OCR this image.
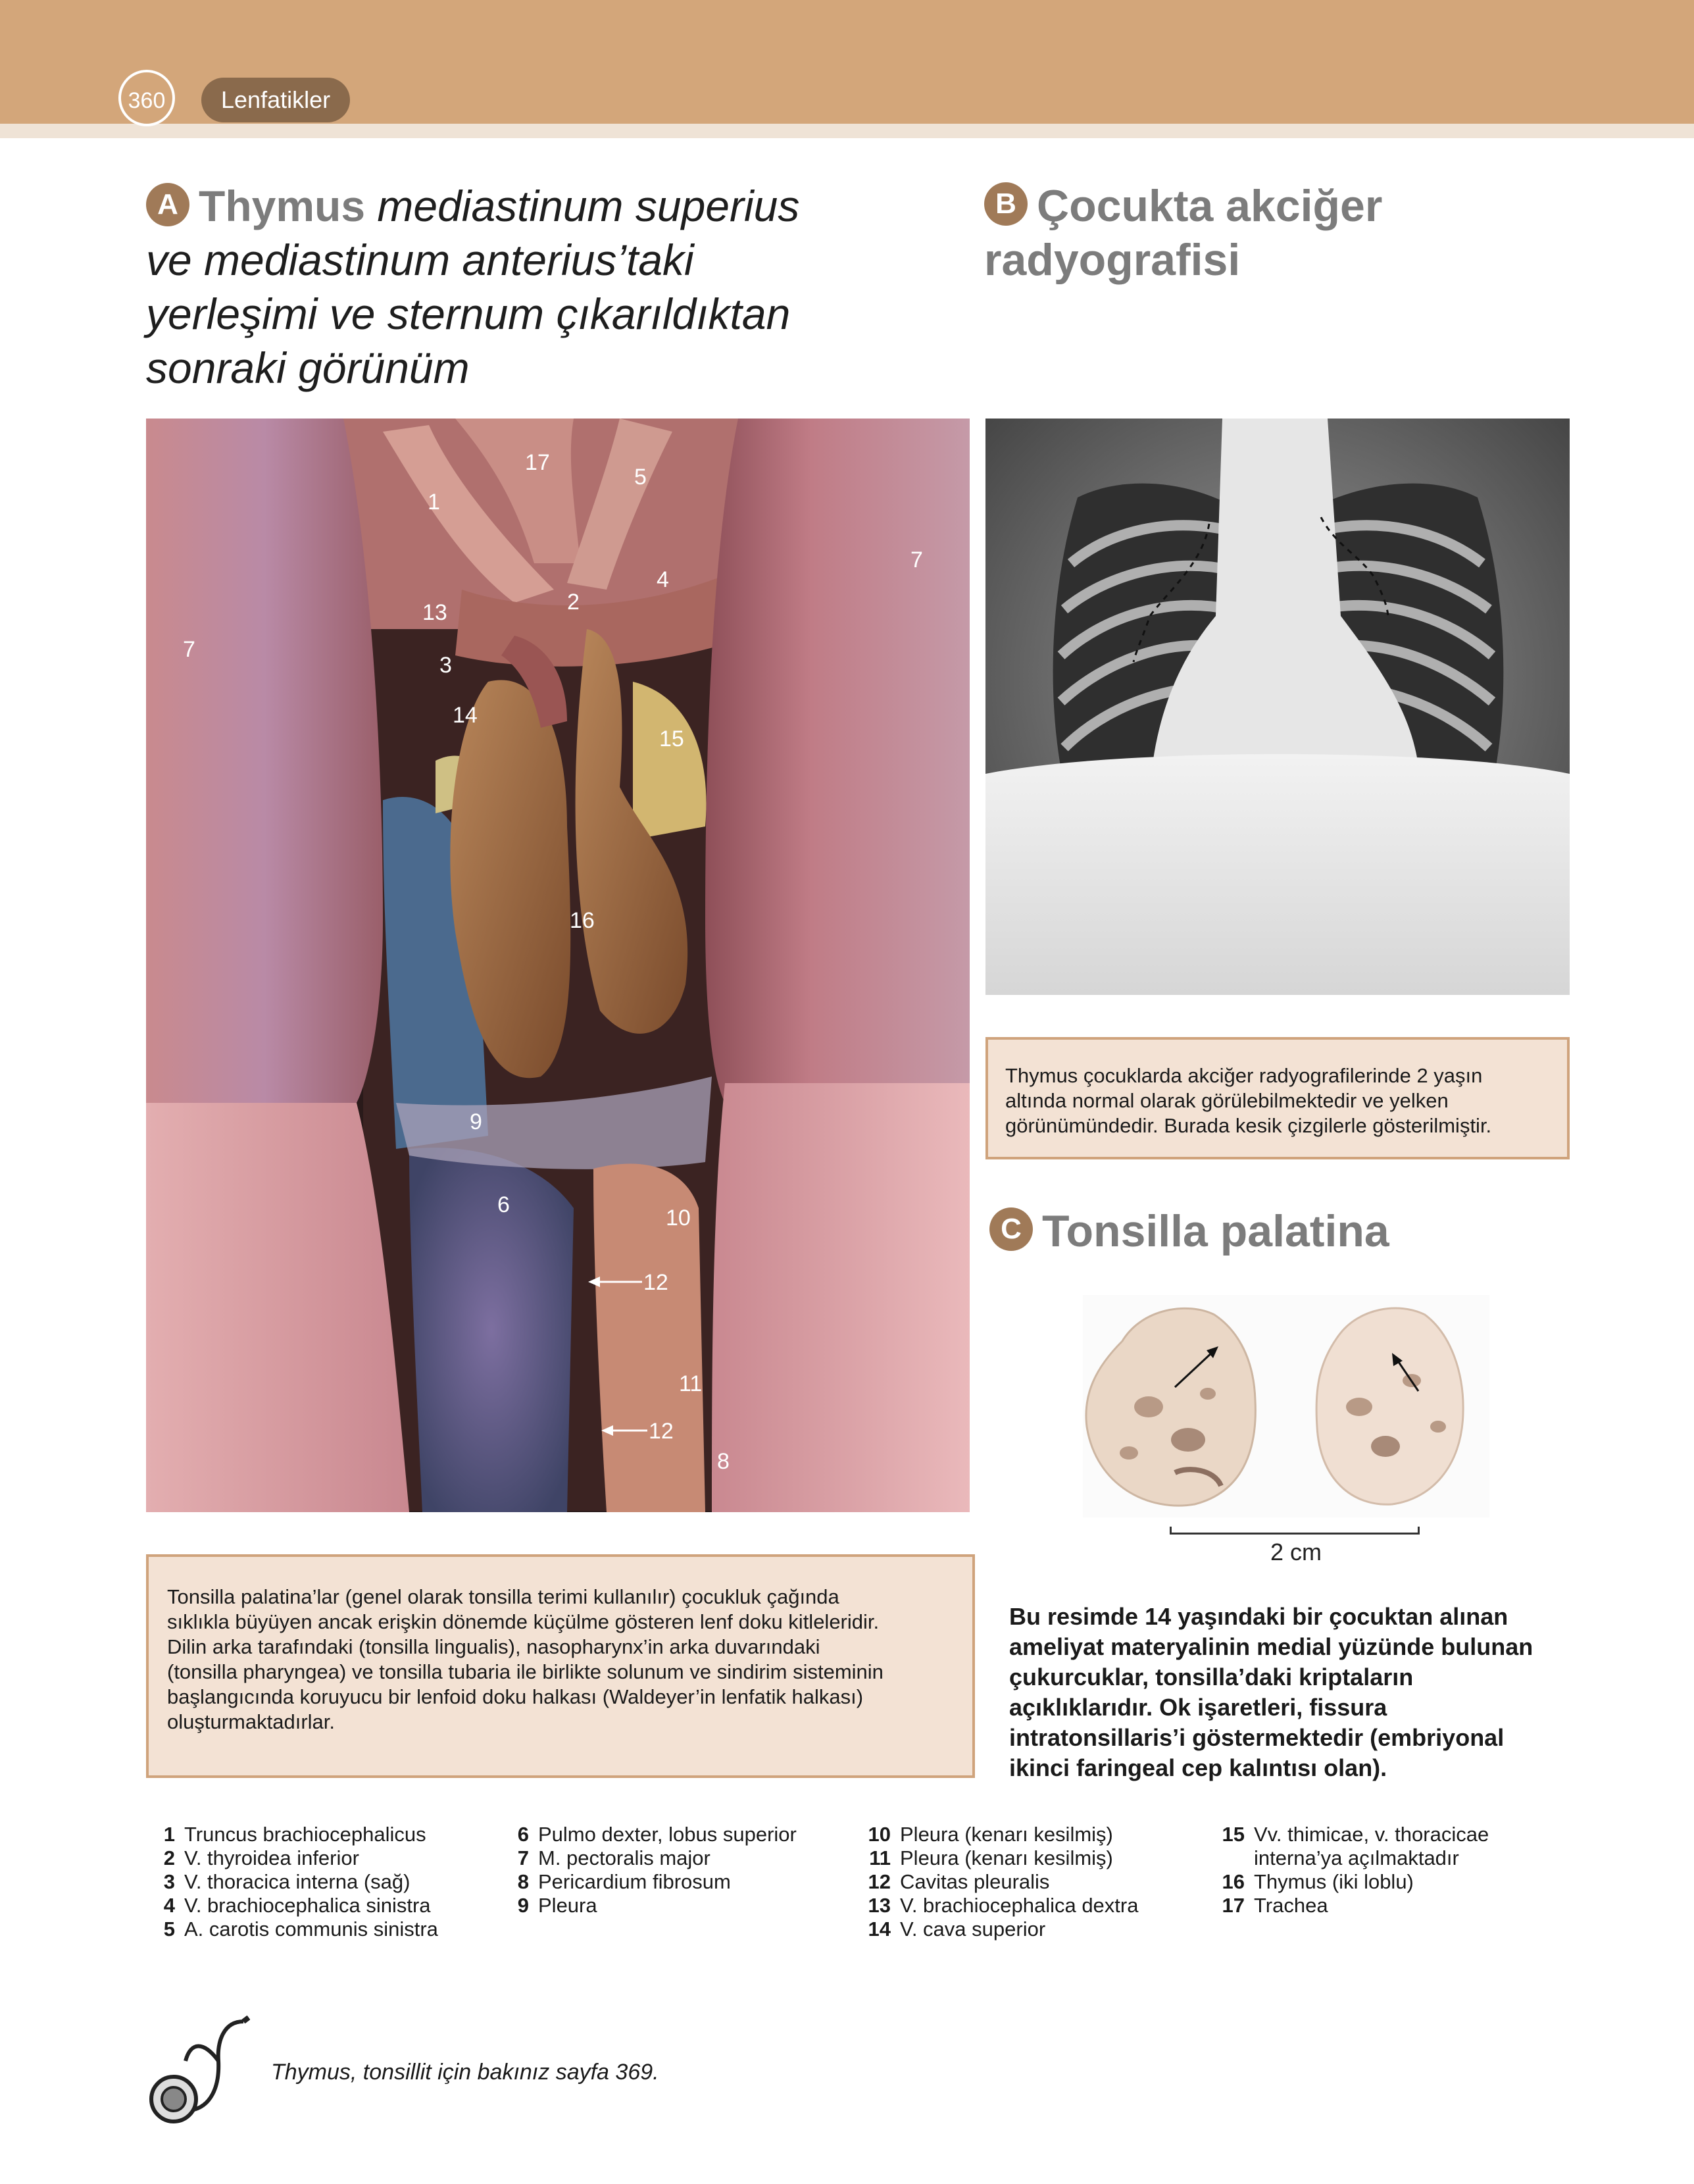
360	Lenfatikler
A Thymus mediastinum superius
ve mediastinum anterius’taki
yerleşimi ve sternum çıkarıldıktan
sonraki görünüm
B Çocukta akciğer
radyografisi
17
1
5
7
4
13	2
7
3
14
15
16
9
6
10
12
11
12
8
Thymus çocuklarda akciğer radyografilerinde 2 yaşın
altında normal olarak görülebilmektedir ve yelken
görünümündedir. Burada kesik çizgilerle gösterilmiştir.
C Tonsilla palatina
2 cm
Tonsilla palatina’lar (genel olarak tonsilla terimi kullanılır) çocukluk çağında
sıklıkla büyüyen ancak erişkin dönemde küçülme gösteren lenf doku kitleleridir.
Dilin arka tarafındaki (tonsilla lingualis), nasopharynx’in arka duvarındaki
(tonsilla pharyngea) ve tonsilla tubaria ile birlikte solunum ve sindirim sisteminin
başlangıcında koruyucu bir lenfoid doku halkası (Waldeyer’in lenfatik halkası)
oluşturmaktadırlar.
Bu resimde 14 yaşındaki bir çocuktan alınan
ameliyat materyalinin medial yüzünde bulunan
çukurcuklar, tonsilla’daki kriptaların
açıklıklarıdır. Ok işaretleri, fissura
intratonsillaris’i göstermektedir (embriyonal
ikinci faringeal cep kalıntısı olan).
1 Truncus brachiocephalicus
2 V. thyroidea inferior
3 V. thoracica interna (sağ)
4 V. brachiocephalica sinistra
5 A. carotis communis sinistra
6 Pulmo dexter, lobus superior
7 M. pectoralis major
8 Pericardium fibrosum
9 Pleura
10 Pleura (kenarı kesilmiş)
11 Pleura (kenarı kesilmiş)
12 Cavitas pleuralis
13 V. brachiocephalica dextra
14 V. cava superior
15 Vv. thimicae, v. thoracicae
interna’ya açılmaktadır
16 Thymus (iki loblu)
17 Trachea
Thymus, tonsillit için bakınız sayfa 369.
